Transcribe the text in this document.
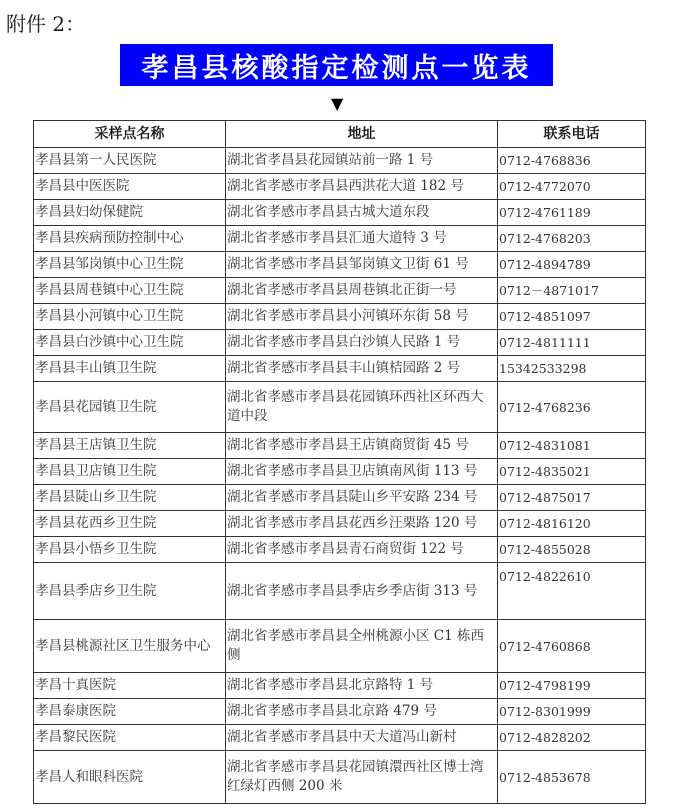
附件 2：
孝昌县核酸指定检测点一览表
▼
采样点名称	地址	联系电话
孝昌县第一人民医院	湖北省孝昌县花园镇站前一路 1 号	0712-4768836
孝昌县中医医院	湖北省孝感市孝昌县西洪花大道 182 号	0712-4772070
孝昌县妇幼保健院	湖北省孝感市孝昌县古城大道东段	0712-4761189
孝昌县疾病预防控制中心	湖北省孝感市孝昌县汇通大道特 3 号	0712-4768203
孝昌县邹岗镇中心卫生院	湖北省孝感市孝昌县邹岗镇文卫街 61 号	0712-4894789
孝昌县周巷镇中心卫生院	湖北省孝感市孝昌县周巷镇北正街一号	0712－4871017
孝昌县小河镇中心卫生院	湖北省孝感市孝昌县小河镇环东街 58 号	0712-4851097
孝昌县白沙镇中心卫生院	湖北省孝感市孝昌县白沙镇人民路 1 号	0712-4811111
孝昌县丰山镇卫生院	湖北省孝感市孝昌县丰山镇桔园路 2 号	15342533298
孝昌县花园镇卫生院	湖北省孝感市孝昌县花园镇环西社区环西大道中段	0712-4768236
孝昌县王店镇卫生院	湖北省孝感市孝昌县王店镇商贸街 45 号	0712-4831081
孝昌县卫店镇卫生院	湖北省孝感市孝昌县卫店镇南风街 113 号	0712-4835021
孝昌县陡山乡卫生院	湖北省孝感市孝昌县陡山乡平安路 234 号	0712-4875017
孝昌县花西乡卫生院	湖北省孝感市孝昌县花西乡汪栗路 120 号	0712-4816120
孝昌县小悟乡卫生院	湖北省孝感市孝昌县青石商贸街 122 号	0712-4855028
孝昌县季店乡卫生院	湖北省孝感市孝昌县季店乡季店街 313 号	0712-4822610
孝昌县桃源社区卫生服务中心	湖北省孝感市孝昌县全州桃源小区 C1 栋西侧	0712-4760868
孝昌十真医院	湖北省孝感市孝昌县北京路特 1 号	0712-4798199
孝昌泰康医院	湖北省孝感市孝昌县北京路 479 号	0712-8301999
孝昌黎民医院	湖北省孝感市孝昌县中天大道冯山新村	0712-4828202
孝昌人和眼科医院	湖北省孝感市孝昌县花园镇澴西社区博士湾红绿灯西侧 200 米	0712-4853678
